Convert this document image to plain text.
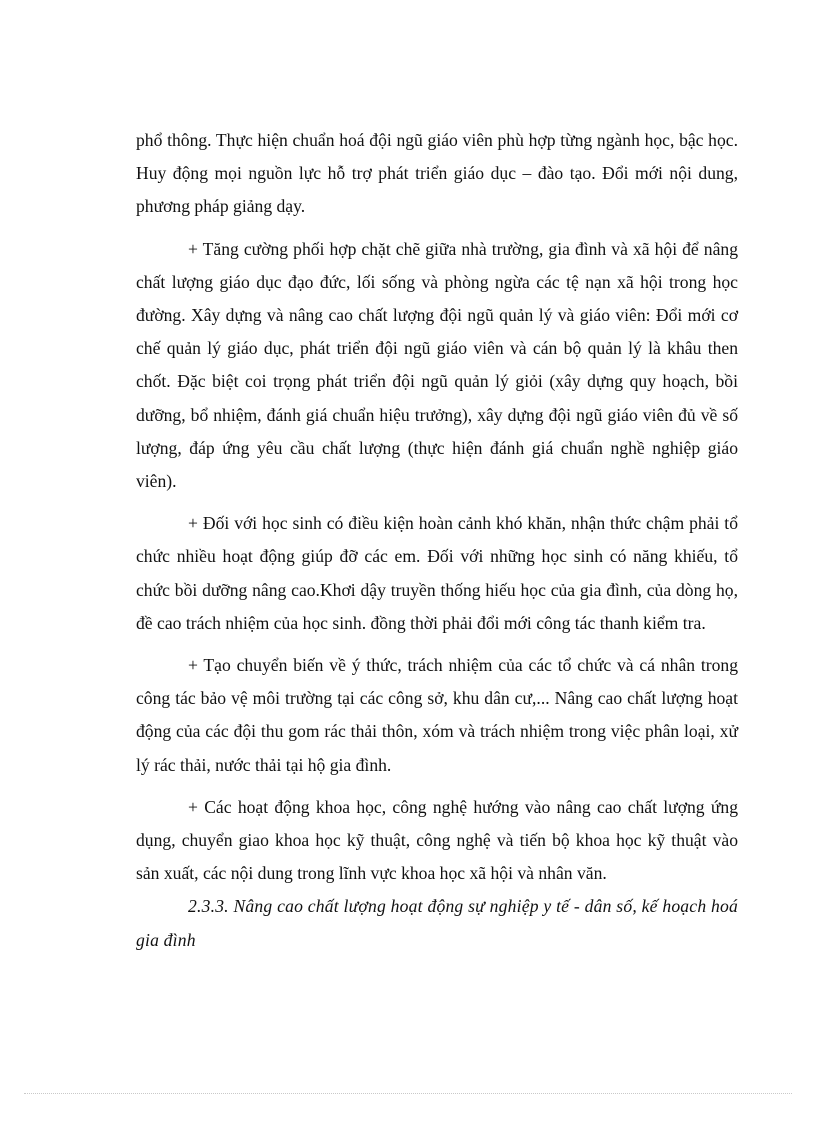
phổ thông. Thực hiện chuẩn hoá đội ngũ giáo viên phù hợp từng ngành học, bậc học. Huy động mọi nguồn lực hỗ trợ phát triển giáo dục – đào tạo. Đổi mới nội dung, phương pháp giảng dạy.

+ Tăng cường phối hợp chặt chẽ giữa nhà trường, gia đình và xã hội để nâng chất lượng giáo dục đạo đức, lối sống và phòng ngừa các tệ nạn xã hội trong học đường. Xây dựng và nâng cao chất lượng đội ngũ quản lý và giáo viên: Đổi mới cơ chế quản lý giáo dục, phát triển đội ngũ giáo viên và cán bộ quản lý là khâu then chốt. Đặc biệt coi trọng phát triển đội ngũ quản lý giỏi (xây dựng quy hoạch, bồi dưỡng, bổ nhiệm, đánh giá chuẩn hiệu trưởng), xây dựng đội ngũ giáo viên đủ về số lượng, đáp ứng yêu cầu chất lượng (thực hiện đánh giá chuẩn nghề nghiệp giáo viên).

+ Đối với học sinh có điều kiện hoàn cảnh khó khăn, nhận thức chậm phải tổ chức nhiều hoạt động giúp đỡ các em. Đối với những học sinh có năng khiếu, tổ chức bồi dưỡng nâng cao.Khơi dậy truyền thống hiếu học của gia đình, của dòng họ, đề cao trách nhiệm của học sinh. đồng thời phải đổi mới công tác thanh kiểm tra.

+ Tạo chuyển biến về ý thức, trách nhiệm của các tổ chức và cá nhân trong công tác bảo vệ môi trường tại các công sở, khu dân cư,... Nâng cao chất lượng hoạt động của các đội thu gom rác thải thôn, xóm và trách nhiệm trong việc phân loại, xử lý rác thải, nước thải tại hộ gia đình.

+ Các hoạt động khoa học, công nghệ hướng vào nâng cao chất lượng ứng dụng, chuyển giao khoa học kỹ thuật, công nghệ và tiến bộ khoa học kỹ thuật vào sản xuất, các nội dung trong lĩnh vực khoa học xã hội và nhân văn.

2.3.3. Nâng cao chất lượng hoạt động sự nghiệp y tế - dân số, kế hoạch hoá gia đình
